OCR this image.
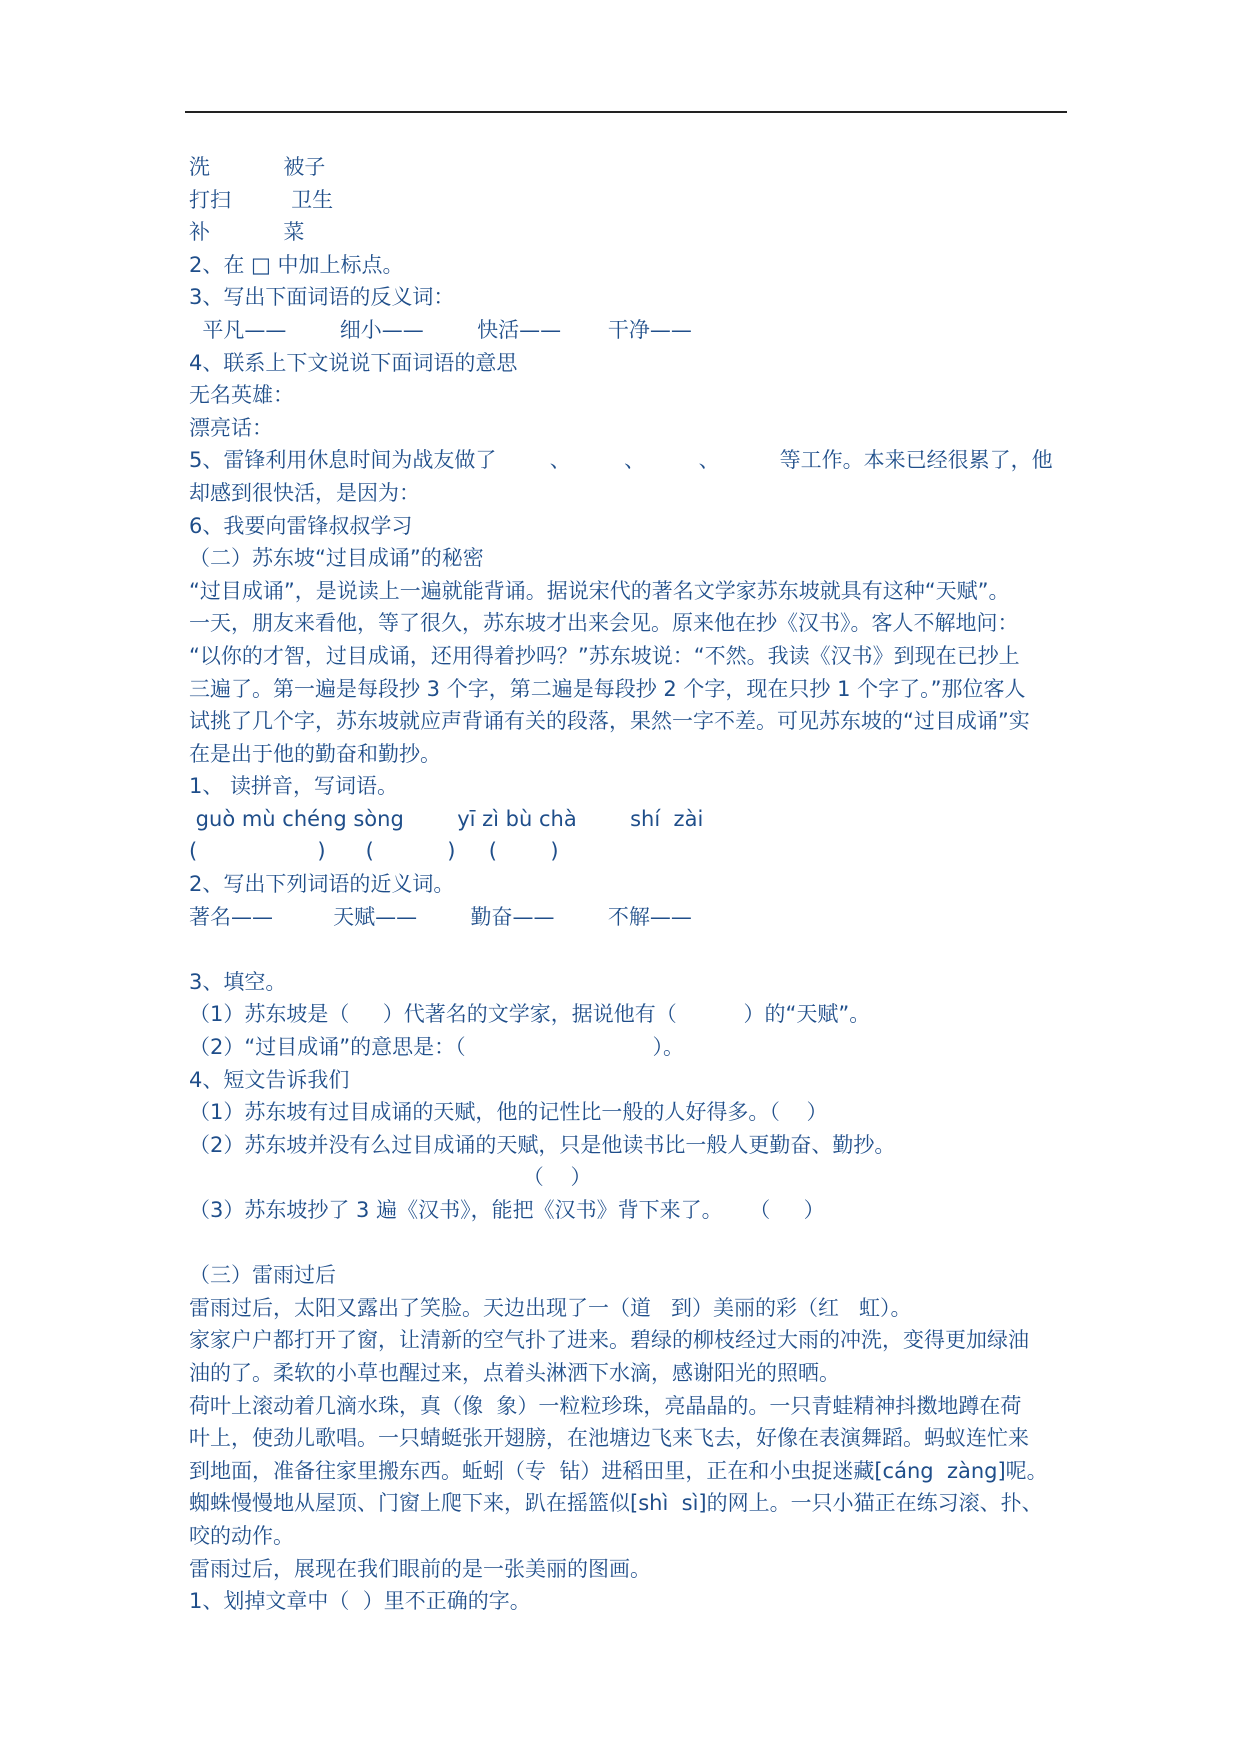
洗           被子
打扫         卫生
补           菜
2、在 □ 中加上标点。
3、写出下面词语的反义词：
平凡——        细小——        快活——       干净——
4、联系上下文说说下面词语的意思
无名英雄：
漂亮话：
5、雷锋利用休息时间为战友做了        、        、        、         等工作。本来已经很累了，他
却感到很快活，是因为：
6、我要向雷锋叔叔学习
（二）苏东坡“过目成诵”的秘密
“过目成诵”，是说读上一遍就能背诵。据说宋代的著名文学家苏东坡就具有这种“天赋”。
一天，朋友来看他，等了很久，苏东坡才出来会见。原来他在抄《汉书》。客人不解地问：
“以你的才智，过目成诵，还用得着抄吗？”苏东坡说：“不然。我读《汉书》到现在已抄上
三遍了。第一遍是每段抄 3 个字，第二遍是每段抄 2 个字，现在只抄 1 个字了。”那位客人
试挑了几个字，苏东坡就应声背诵有关的段落，果然一字不差。可见苏东坡的“过目成诵”实
在是出于他的勤奋和勤抄。
1、 读拼音，写词语。
guò mù chéng sòng        yī zì bù chà        shí  zài
(                  )      (           )     (        )
2、写出下列词语的近义词。
著名——         天赋——        勤奋——        不解——
3、填空。
（1）苏东坡是（     ）代著名的文学家，据说他有（          ）的“天赋”。
（2）“过目成诵”的意思是：（                            ）。
4、短文告诉我们
（1）苏东坡有过目成诵的天赋，他的记性比一般的人好得多。（    ）
（2）苏东坡并没有么过目成诵的天赋，只是他读书比一般人更勤奋、勤抄。
（    ）
（3）苏东坡抄了 3 遍《汉书》，能把《汉书》背下来了。    （     ）
（三）雷雨过后
雷雨过后，太阳又露出了笑脸。天边出现了一（道   到）美丽的彩（红   虹）。
家家户户都打开了窗，让清新的空气扑了进来。碧绿的柳枝经过大雨的冲洗，变得更加绿油
油的了。柔软的小草也醒过来，点着头淋洒下水滴，感谢阳光的照晒。
荷叶上滚动着几滴水珠，真（像  象）一粒粒珍珠，亮晶晶的。一只青蛙精神抖擞地蹲在荷
叶上，使劲儿歌唱。一只蜻蜓张开翅膀，在池塘边飞来飞去，好像在表演舞蹈。蚂蚁连忙来
到地面，准备往家里搬东西。蚯蚓（专  钻）进稻田里，正在和小虫捉迷藏[cáng  zàng]呢。
蜘蛛慢慢地从屋顶、门窗上爬下来，趴在摇篮似[shì  sì]的网上。一只小猫正在练习滚、扑、
咬的动作。
雷雨过后，展现在我们眼前的是一张美丽的图画。
1、划掉文章中（  ）里不正确的字。
